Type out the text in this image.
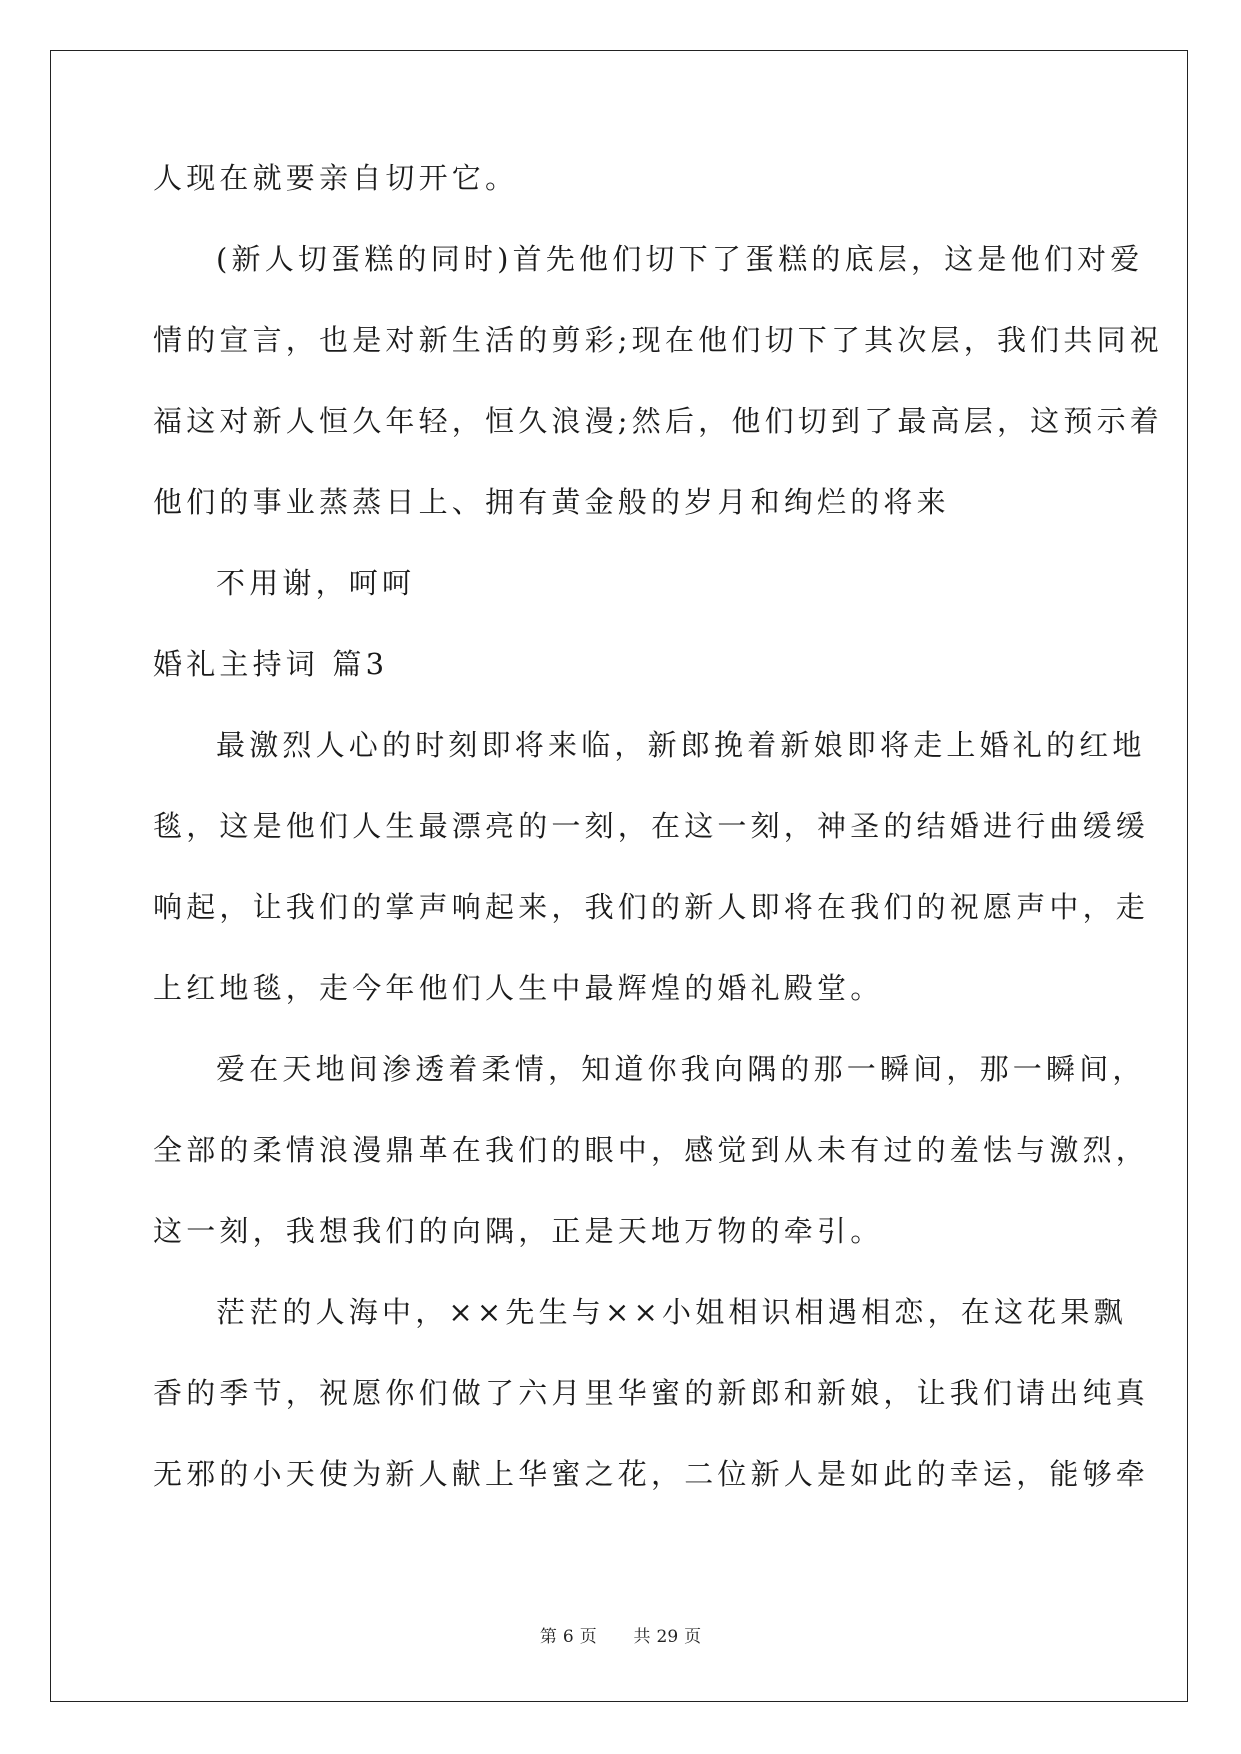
人现在就要亲自切开它。
(新人切蛋糕的同时)首先他们切下了蛋糕的底层，这是他们对爱
情的宣言，也是对新生活的剪彩;现在他们切下了其次层，我们共同祝
福这对新人恒久年轻，恒久浪漫;然后，他们切到了最高层，这预示着
他们的事业蒸蒸日上、拥有黄金般的岁月和绚烂的将来
不用谢，呵呵
婚礼主持词 篇3
最激烈人心的时刻即将来临，新郎挽着新娘即将走上婚礼的红地
毯，这是他们人生最漂亮的一刻，在这一刻，神圣的结婚进行曲缓缓
响起，让我们的掌声响起来，我们的新人即将在我们的祝愿声中，走
上红地毯，走今年他们人生中最辉煌的婚礼殿堂。
爱在天地间渗透着柔情，知道你我向隅的那一瞬间，那一瞬间，
全部的柔情浪漫鼎革在我们的眼中，感觉到从未有过的羞怯与激烈，
这一刻，我想我们的向隅，正是天地万物的牵引。
茫茫的人海中，××先生与××小姐相识相遇相恋，在这花果飘
香的季节，祝愿你们做了六月里华蜜的新郎和新娘，让我们请出纯真
无邪的小天使为新人献上华蜜之花，二位新人是如此的幸运，能够牵
第 6 页 共 29 页
